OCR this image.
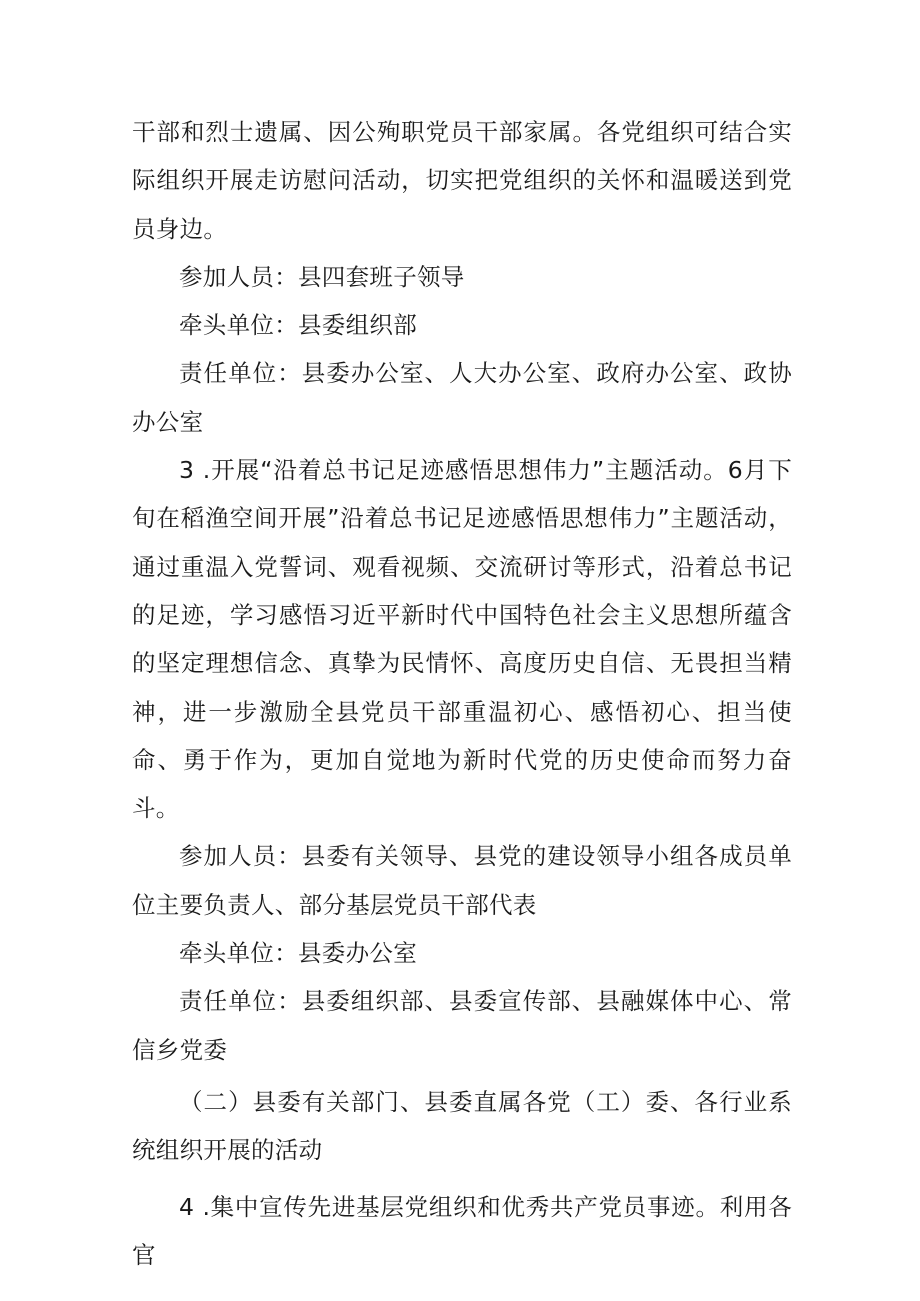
干部和烈士遗属、因公殉职党员干部家属。各党组织可结合实际组织开展走访慰问活动，切实把党组织的关怀和温暖送到党员身边。

参加人员：县四套班子领导

牵头单位：县委组织部

责任单位：县委办公室、人大办公室、政府办公室、政协办公室

3 .开展“沿着总书记足迹感悟思想伟力”主题活动。6月下旬在稻渔空间开展”沿着总书记足迹感悟思想伟力”主题活动，通过重温入党誓词、观看视频、交流研讨等形式，沿着总书记的足迹，学习感悟习近平新时代中国特色社会主义思想所蕴含的坚定理想信念、真挚为民情怀、高度历史自信、无畏担当精神，进一步激励全县党员干部重温初心、感悟初心、担当使命、勇于作为，更加自觉地为新时代党的历史使命而努力奋斗。

参加人员：县委有关领导、县党的建设领导小组各成员单位主要负责人、部分基层党员干部代表

牵头单位：县委办公室

责任单位：县委组织部、县委宣传部、县融媒体中心、常信乡党委

（二）县委有关部门、县委直属各党（工）委、各行业系统组织开展的活动

4 .集中宣传先进基层党组织和优秀共产党员事迹。利用各官
